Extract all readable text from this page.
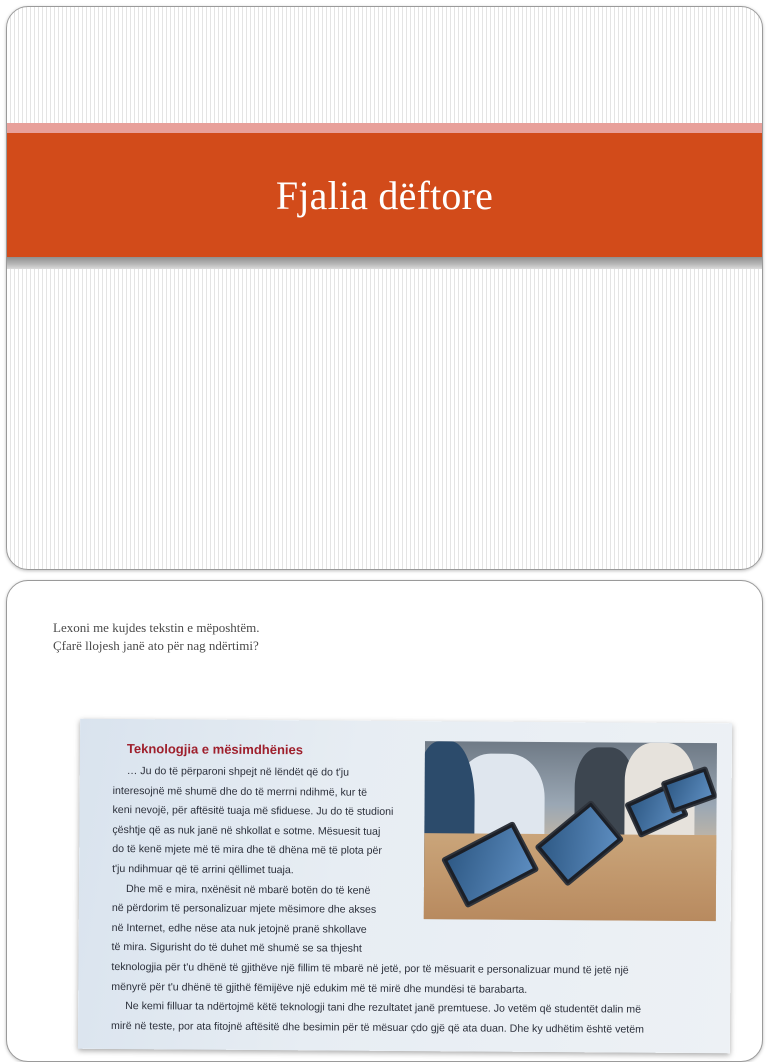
Fjalia dëftore
Lexoni me kujdes tekstin e mëposhtëm.
Çfarë llojesh janë ato për nag ndërtimi?
Teknologjia e mësimdhënies
… Ju do të përparoni shpejt në lëndët që do t'ju
interesojnë më shumë dhe do të merrni ndihmë, kur të
keni nevojë, për aftësitë tuaja më sfiduese. Ju do të studioni
çështje që as nuk janë në shkollat e sotme. Mësuesit tuaj
do të kenë mjete më të mira dhe të dhëna më të plota për
t'ju ndihmuar që të arrini qëllimet tuaja.
Dhe më e mira, nxënësit në mbarë botën do të kenë
në përdorim të personalizuar mjete mësimore dhe akses
në Internet, edhe nëse ata nuk jetojnë pranë shkollave
të mira. Sigurisht do të duhet më shumë se sa thjesht
teknologjia për t'u dhënë të gjithëve një fillim të mbarë në jetë, por të mësuarit e personalizuar mund të jetë një
mënyrë për t'u dhënë të gjithë fëmijëve një edukim më të mirë dhe mundësi të barabarta.
Ne kemi filluar ta ndërtojmë këtë teknologji tani dhe rezultatet janë premtuese. Jo vetëm që studentët dalin më
mirë në teste, por ata fitojnë aftësitë dhe besimin për të mësuar çdo gjë që ata duan. Dhe ky udhëtim është vetëm
